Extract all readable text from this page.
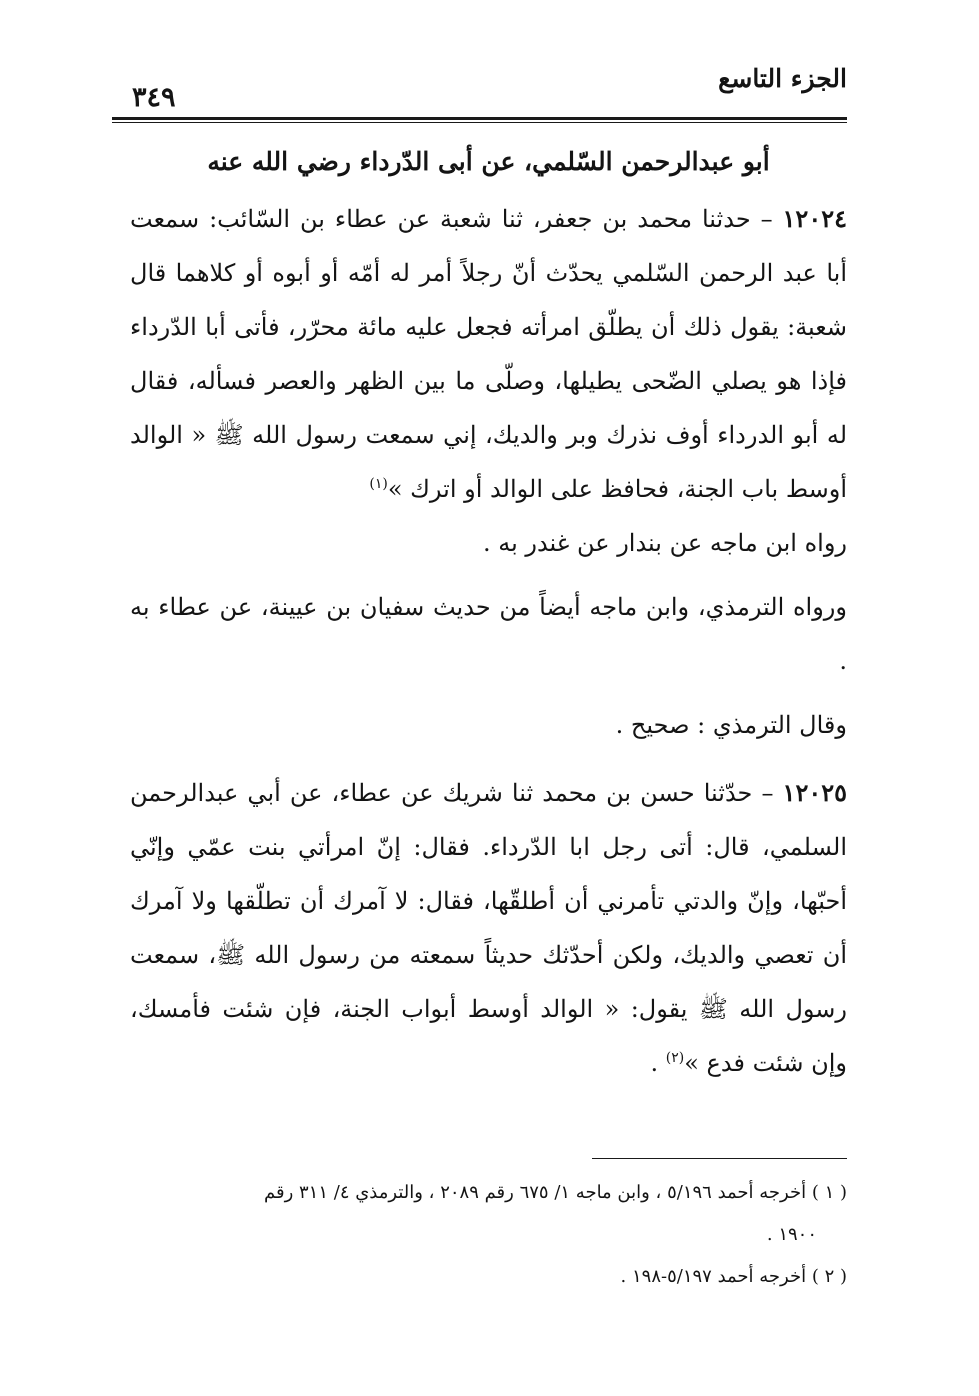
الجزء التاسع
٣٤٩
أبو عبدالرحمن السّلمي، عن أبى الدّرداء رضي الله عنه

١٢٠٢٤ – حدثنا محمد بن جعفر، ثنا شعبة عن عطاء بن السّائب: سمعت أبا عبد الرحمن السّلمي يحدّث أنّ رجلاً أمر له أمّه أو أبوه أو كلاهما قال شعبة: يقول ذلك أن يطلّق امرأته فجعل عليه مائة محرّر، فأتى أبا الدّرداء فإذا هو يصلي الضّحى يطيلها، وصلّى ما بين الظهر والعصر فسأله، فقال له أبو الدرداء أوف نذرك وبر والديك، إني سمعت رسول الله ﷺ « الوالد أوسط باب الجنة، فحافظ على الوالد أو اترك »$^{(١)}$

رواه ابن ماجه عن بندار عن غندر به .

ورواه الترمذي، وابن ماجه أيضاً من حديث سفيان بن عيينة، عن عطاء به .

وقال الترمذي : صحيح .

١٢٠٢٥ – حدّثنا حسن بن محمد ثنا شريك عن عطاء، عن أبي عبدالرحمن السلمي، قال: أتى رجل ابا الدّرداء. فقال: إنّ امرأتي بنت عمّي وإنّي أحبّها، وإنّ والدتي تأمرني أن أطلقّها، فقال: لا آمرك أن تطلّقها ولا آمرك أن تعصي والديك، ولكن أحدّثك حديثاً سمعته من رسول الله ﷺ، سمعت رسول الله ﷺ يقول: « الوالد أوسط أبواب الجنة، فإن شئت فأمسك، وإن شئت فدع »$^{(٢)}$ .

( ١ ) أخرجه أحمد ٥/١٩٦ ، وابن ماجه ١/ ٦٧٥ رقم ٢٠٨٩ ، والترمذي ٤/ ٣١١ رقم

١٩٠٠ .

( ٢ ) أخرجه أحمد ٥/١٩٧-١٩٨ .
